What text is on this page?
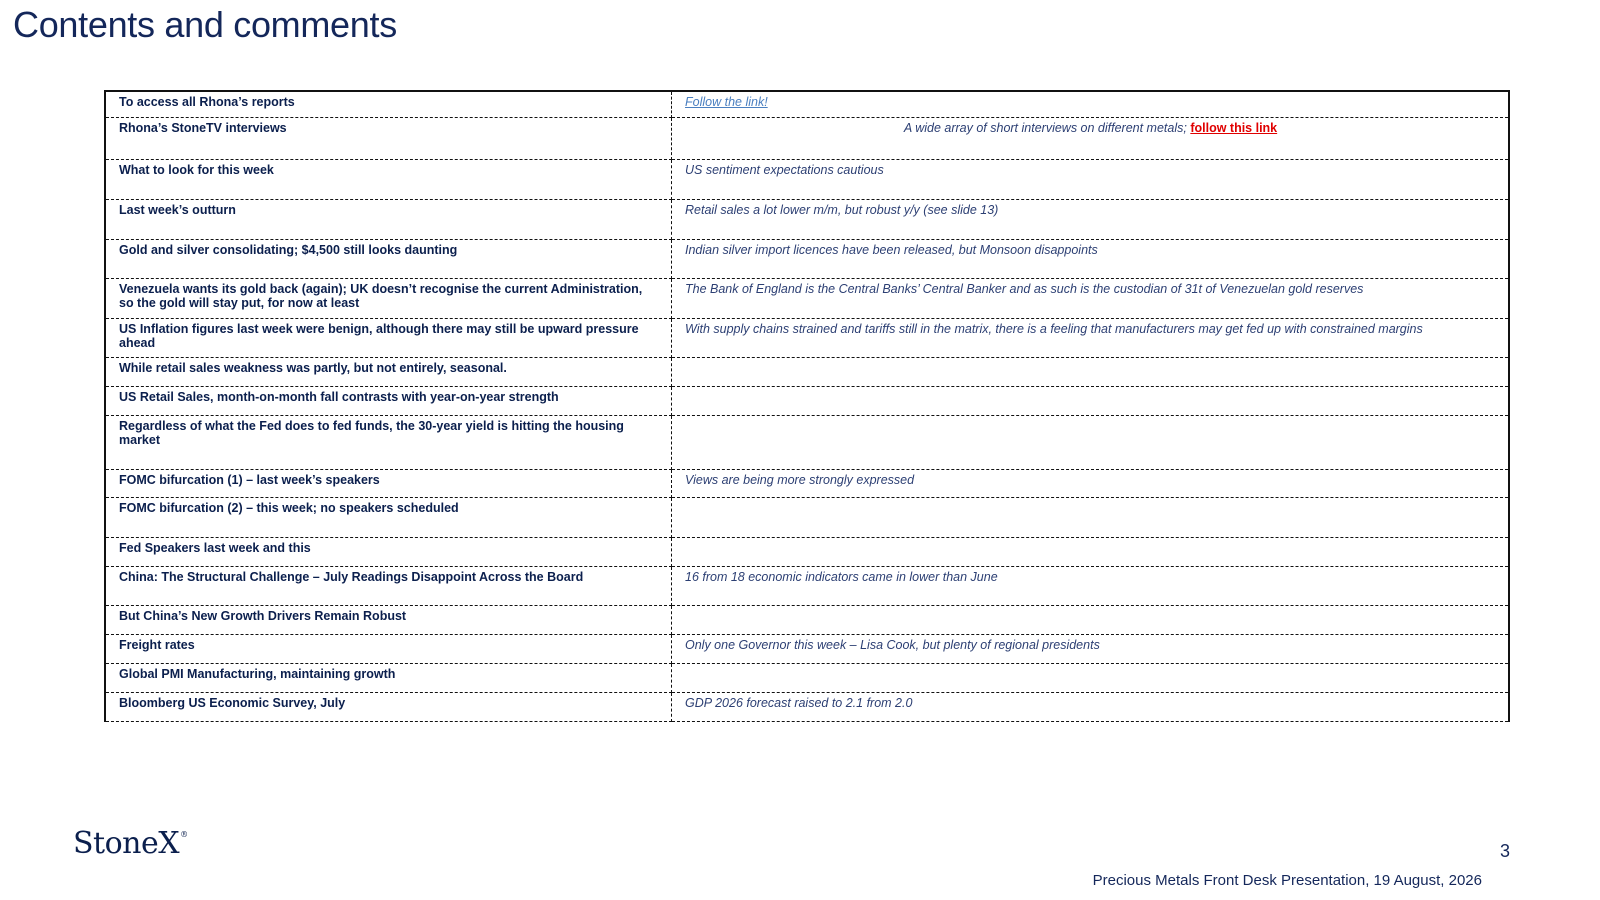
Contents and comments
To access all Rhona’s reports	Follow the link!
Rhona’s StoneTV interviews	A wide array of short interviews on different metals; follow this link
What to look for this week	US sentiment expectations cautious
Last week’s outturn	Retail sales a lot lower m/m, but robust y/y (see slide 13)
Gold and silver consolidating; $4,500 still looks daunting	Indian silver import licences have been released, but Monsoon disappoints
Venezuela wants its gold back (again); UK doesn’t recognise the current Administration, so the gold will stay put, for now at least	The Bank of England is the Central Banks’ Central Banker and as such is the custodian of 31t of Venezuelan gold reserves
US Inflation figures last week were benign, although there may still be upward pressure ahead	With supply chains strained and tariffs still in the matrix, there is a feeling that manufacturers may get fed up with constrained margins
While retail sales weakness was partly, but not entirely, seasonal.	
US Retail Sales, month-on-month fall contrasts with year-on-year strength	
Regardless of what the Fed does to fed funds, the 30-year yield is hitting the housing market	
FOMC bifurcation (1) – last week’s speakers	Views are being more strongly expressed
FOMC bifurcation (2) – this week; no speakers scheduled	
Fed Speakers last week and this	
China: The Structural Challenge – July Readings Disappoint Across the Board	16 from 18 economic indicators came in lower than June
But China’s New Growth Drivers Remain Robust	
Freight rates	Only one Governor this week – Lisa Cook, but plenty of regional presidents
Global PMI Manufacturing, maintaining growth	
Bloomberg US Economic Survey, July	GDP 2026 forecast raised to 2.1 from 2.0
StoneX®
3
Precious Metals Front Desk Presentation, 19 August, 2026
